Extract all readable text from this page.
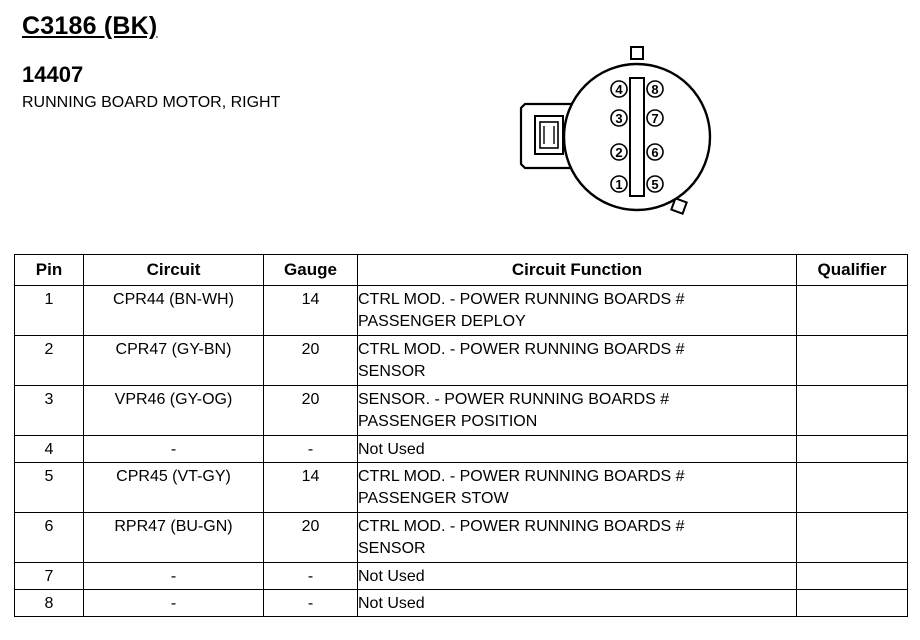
C3186 (BK)
14407
RUNNING BOARD MOTOR, RIGHT
4
3
2
1
8
7
6
5
Pin	Circuit	Gauge	Circuit Function	Qualifier
1	CPR44 (BN-WH)	14	CTRL MOD. - POWER RUNNING BOARDS #
PASSENGER DEPLOY	

2	CPR47 (GY-BN)	20	CTRL MOD. - POWER RUNNING BOARDS #
SENSOR	

3	VPR46 (GY-OG)	20	SENSOR. - POWER RUNNING BOARDS #
PASSENGER POSITION	

4	-	-	Not Used	

5	CPR45 (VT-GY)	14	CTRL MOD. - POWER RUNNING BOARDS #
PASSENGER STOW	

6	RPR47 (BU-GN)	20	CTRL MOD. - POWER RUNNING BOARDS #
SENSOR	

7	-	-	Not Used	

8	-	-	Not Used	
